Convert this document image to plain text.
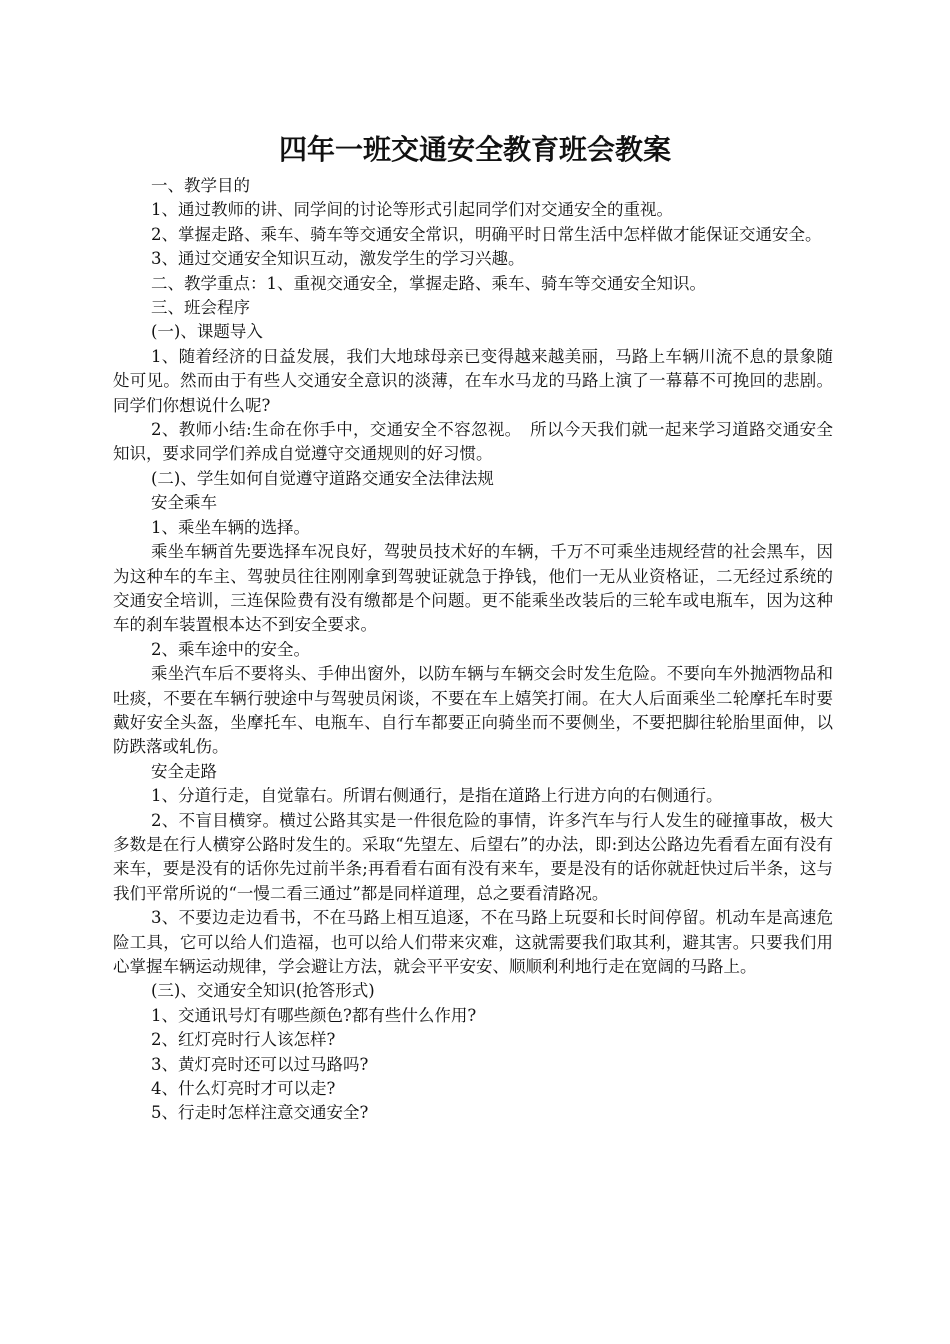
四年一班交通安全教育班会教案

一、教学目的

1、通过教师的讲、同学间的讨论等形式引起同学们对交通安全的重视。

2、掌握走路、乘车、骑车等交通安全常识，明确平时日常生活中怎样做才能保证交通安全。

3、通过交通安全知识互动，激发学生的学习兴趣。

二、教学重点：1、重视交通安全，掌握走路、乘车、骑车等交通安全知识。

三、班会程序

(一)、课题导入

1、随着经济的日益发展，我们大地球母亲已变得越来越美丽，马路上车辆川流不息的景象随处可见。然而由于有些人交通安全意识的淡薄，在车水马龙的马路上演了一幕幕不可挽回的悲剧。同学们你想说什么呢?

2、教师小结:生命在你手中，交通安全不容忽视。　所以今天我们就一起来学习道路交通安全知识，要求同学们养成自觉遵守交通规则的好习惯。

(二)、学生如何自觉遵守道路交通安全法律法规

安全乘车

1、乘坐车辆的选择。

乘坐车辆首先要选择车况良好，驾驶员技术好的车辆，千万不可乘坐违规经营的社会黑车，因为这种车的车主、驾驶员往往刚刚拿到驾驶证就急于挣钱，他们一无从业资格证，二无经过系统的交通安全培训，三连保险费有没有缴都是个问题。更不能乘坐改装后的三轮车或电瓶车，因为这种车的刹车装置根本达不到安全要求。

2、乘车途中的安全。

乘坐汽车后不要将头、手伸出窗外，以防车辆与车辆交会时发生危险。不要向车外抛洒物品和吐痰，不要在车辆行驶途中与驾驶员闲谈，不要在车上嬉笑打闹。在大人后面乘坐二轮摩托车时要戴好安全头盔，坐摩托车、电瓶车、自行车都要正向骑坐而不要侧坐，不要把脚往轮胎里面伸，以防跌落或轧伤。

安全走路

1、分道行走，自觉靠右。所谓右侧通行，是指在道路上行进方向的右侧通行。

2、不盲目横穿。横过公路其实是一件很危险的事情，许多汽车与行人发生的碰撞事故，极大多数是在行人横穿公路时发生的。采取“先望左、后望右”的办法，即:到达公路边先看看左面有没有来车，要是没有的话你先过前半条;再看看右面有没有来车，要是没有的话你就赶快过后半条，这与我们平常所说的“一慢二看三通过”都是同样道理，总之要看清路况。

3、不要边走边看书，不在马路上相互追逐，不在马路上玩耍和长时间停留。机动车是高速危险工具，它可以给人们造福，也可以给人们带来灾难，这就需要我们取其利，避其害。只要我们用心掌握车辆运动规律，学会避让方法，就会平平安安、顺顺利利地行走在宽阔的马路上。

(三)、交通安全知识(抢答形式)

1、交通讯号灯有哪些颜色?都有些什么作用?

2、红灯亮时行人该怎样?

3、黄灯亮时还可以过马路吗?

4、什么灯亮时才可以走?

5、行走时怎样注意交通安全?
